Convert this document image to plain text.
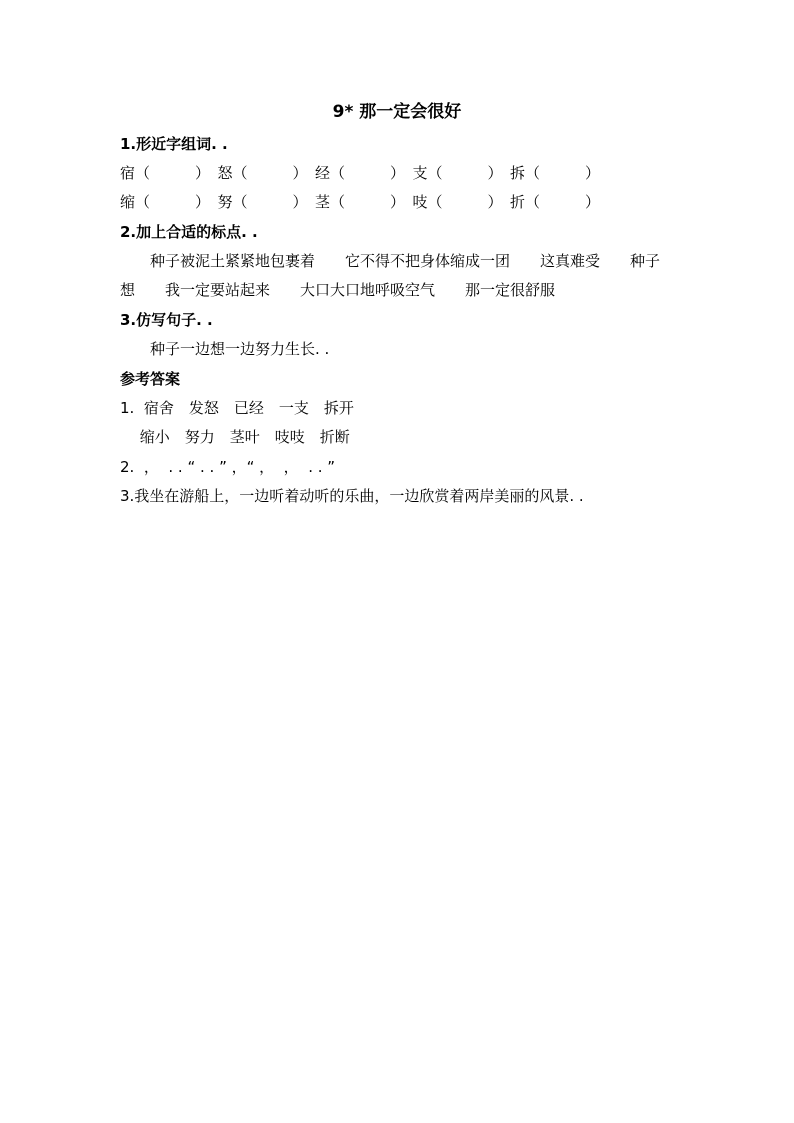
9* 那一定会很好
1.形近字组词. .
宿（　　　）　怒（　　　）　经（　　　）　支（　　　）　拆（　　　）
缩（　　　）　努（　　　）　茎（　　　）　吱（　　　）　折（　　　）
2.加上合适的标点. .
　　种子被泥土紧紧地包裹着　　它不得不把身体缩成一团　　这真难受　　种子
想　　我一定要站起来　　大口大口地呼吸空气　　那一定很舒服
3.仿写句子. .
　　种子一边想一边努力生长. .
参考答案
1.  宿舍　发怒　已经　一支　拆开
　 缩小　努力　茎叶　吱吱　折断
2.  ，  . . “ . . ” ，“ ，  ，  . . ”
3.我坐在游船上，一边听着动听的乐曲，一边欣赏着两岸美丽的风景. .
